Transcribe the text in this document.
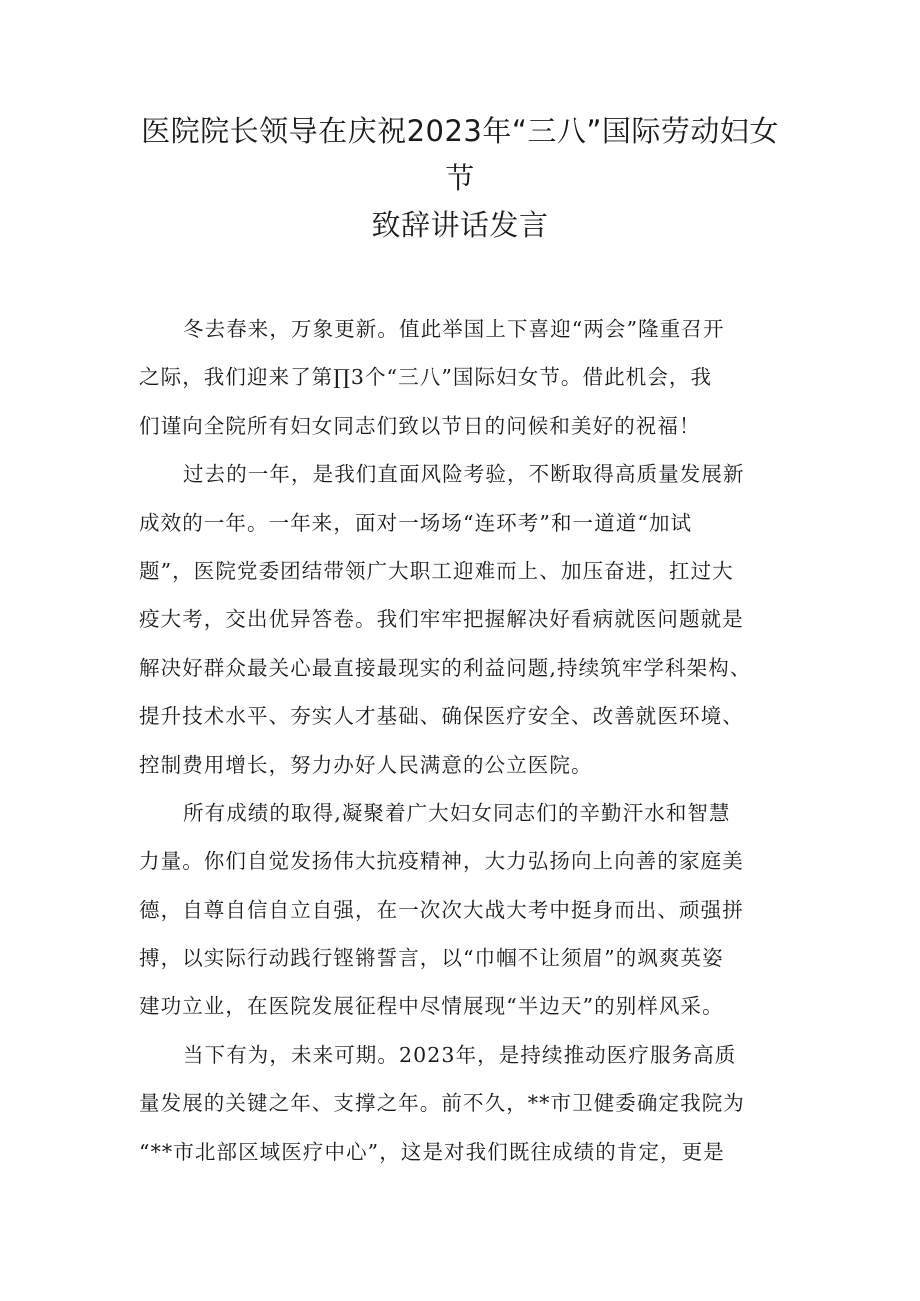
医院院长领导在庆祝2023年“三八”国际劳动妇女
节
致辞讲话发言
冬去春来，万象更新。值此举国上下喜迎“两会”隆重召开
之际，我们迎来了第∏3个“三八”国际妇女节。借此机会，我
们谨向全院所有妇女同志们致以节日的问候和美好的祝福！
过去的一年，是我们直面风险考验，不断取得高质量发展新
成效的一年。一年来，面对一场场“连环考”和一道道“加试
题”，医院党委团结带领广大职工迎难而上、加压奋进，扛过大
疫大考，交出优异答卷。我们牢牢把握解决好看病就医问题就是
解决好群众最关心最直接最现实的利益问题,持续筑牢学科架构、
提升技术水平、夯实人才基础、确保医疗安全、改善就医环境、
控制费用增长，努力办好人民满意的公立医院。
所有成绩的取得,凝聚着广大妇女同志们的辛勤汗水和智慧
力量。你们自觉发扬伟大抗疫精神，大力弘扬向上向善的家庭美
德，自尊自信自立自强，在一次次大战大考中挺身而出、顽强拼
搏，以实际行动践行铿锵誓言，以“巾帼不让须眉”的飒爽英姿
建功立业，在医院发展征程中尽情展现“半边天”的别样风采。
当下有为，未来可期。2023年，是持续推动医疗服务高质
量发展的关键之年、支撑之年。前不久，**市卫健委确定我院为
“**市北部区域医疗中心”，这是对我们既往成绩的肯定，更是
